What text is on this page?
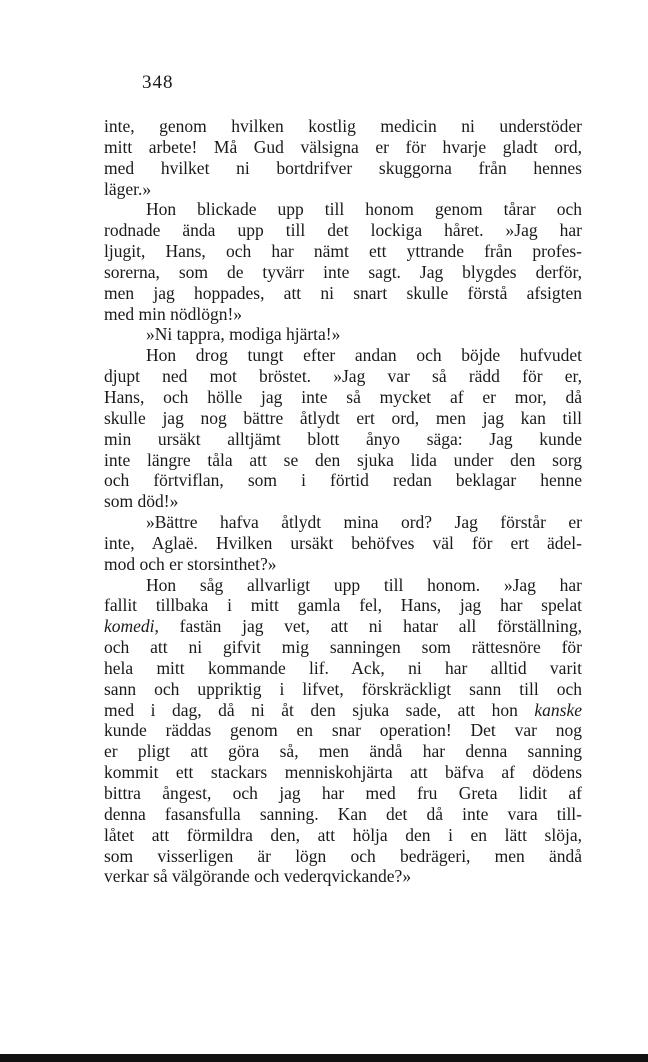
348
inte, genom hvilken kostlig medicin ni understöder
mitt arbete! Må Gud välsigna er för hvarje gladt ord,
med hvilket ni bortdrifver skuggorna från hennes
läger.»
Hon blickade upp till honom genom tårar och
rodnade ända upp till det lockiga håret. »Jag har
ljugit, Hans, och har nämt ett yttrande från profes-
sorerna, som de tyvärr inte sagt. Jag blygdes derför,
men jag hoppades, att ni snart skulle förstå afsigten
med min nödlögn!»
»Ni tappra, modiga hjärta!»
Hon drog tungt efter andan och böjde hufvudet
djupt ned mot bröstet. »Jag var så rädd för er,
Hans, och hölle jag inte så mycket af er mor, då
skulle jag nog bättre åtlydt ert ord, men jag kan till
min ursäkt alltjämt blott ånyo säga: Jag kunde
inte längre tåla att se den sjuka lida under den sorg
och förtviflan, som i förtid redan beklagar henne
som död!»
»Bättre hafva åtlydt mina ord? Jag förstår er
inte, Aglaë. Hvilken ursäkt behöfves väl för ert ädel-
mod och er storsinthet?»
Hon såg allvarligt upp till honom. »Jag har
fallit tillbaka i mitt gamla fel, Hans, jag har spelat
komedi, fastän jag vet, att ni hatar all förställning,
och att ni gifvit mig sanningen som rättesnöre för
hela mitt kommande lif. Ack, ni har alltid varit
sann och uppriktig i lifvet, förskräckligt sann till och
med i dag, då ni åt den sjuka sade, att hon kanske
kunde räddas genom en snar operation! Det var nog
er pligt att göra så, men ändå har denna sanning
kommit ett stackars menniskohjärta att bäfva af dödens
bittra ångest, och jag har med fru Greta lidit af
denna fasansfulla sanning. Kan det då inte vara till-
låtet att förmildra den, att hölja den i en lätt slöja,
som visserligen är lögn och bedrägeri, men ändå
verkar så välgörande och vederqvickande?»
